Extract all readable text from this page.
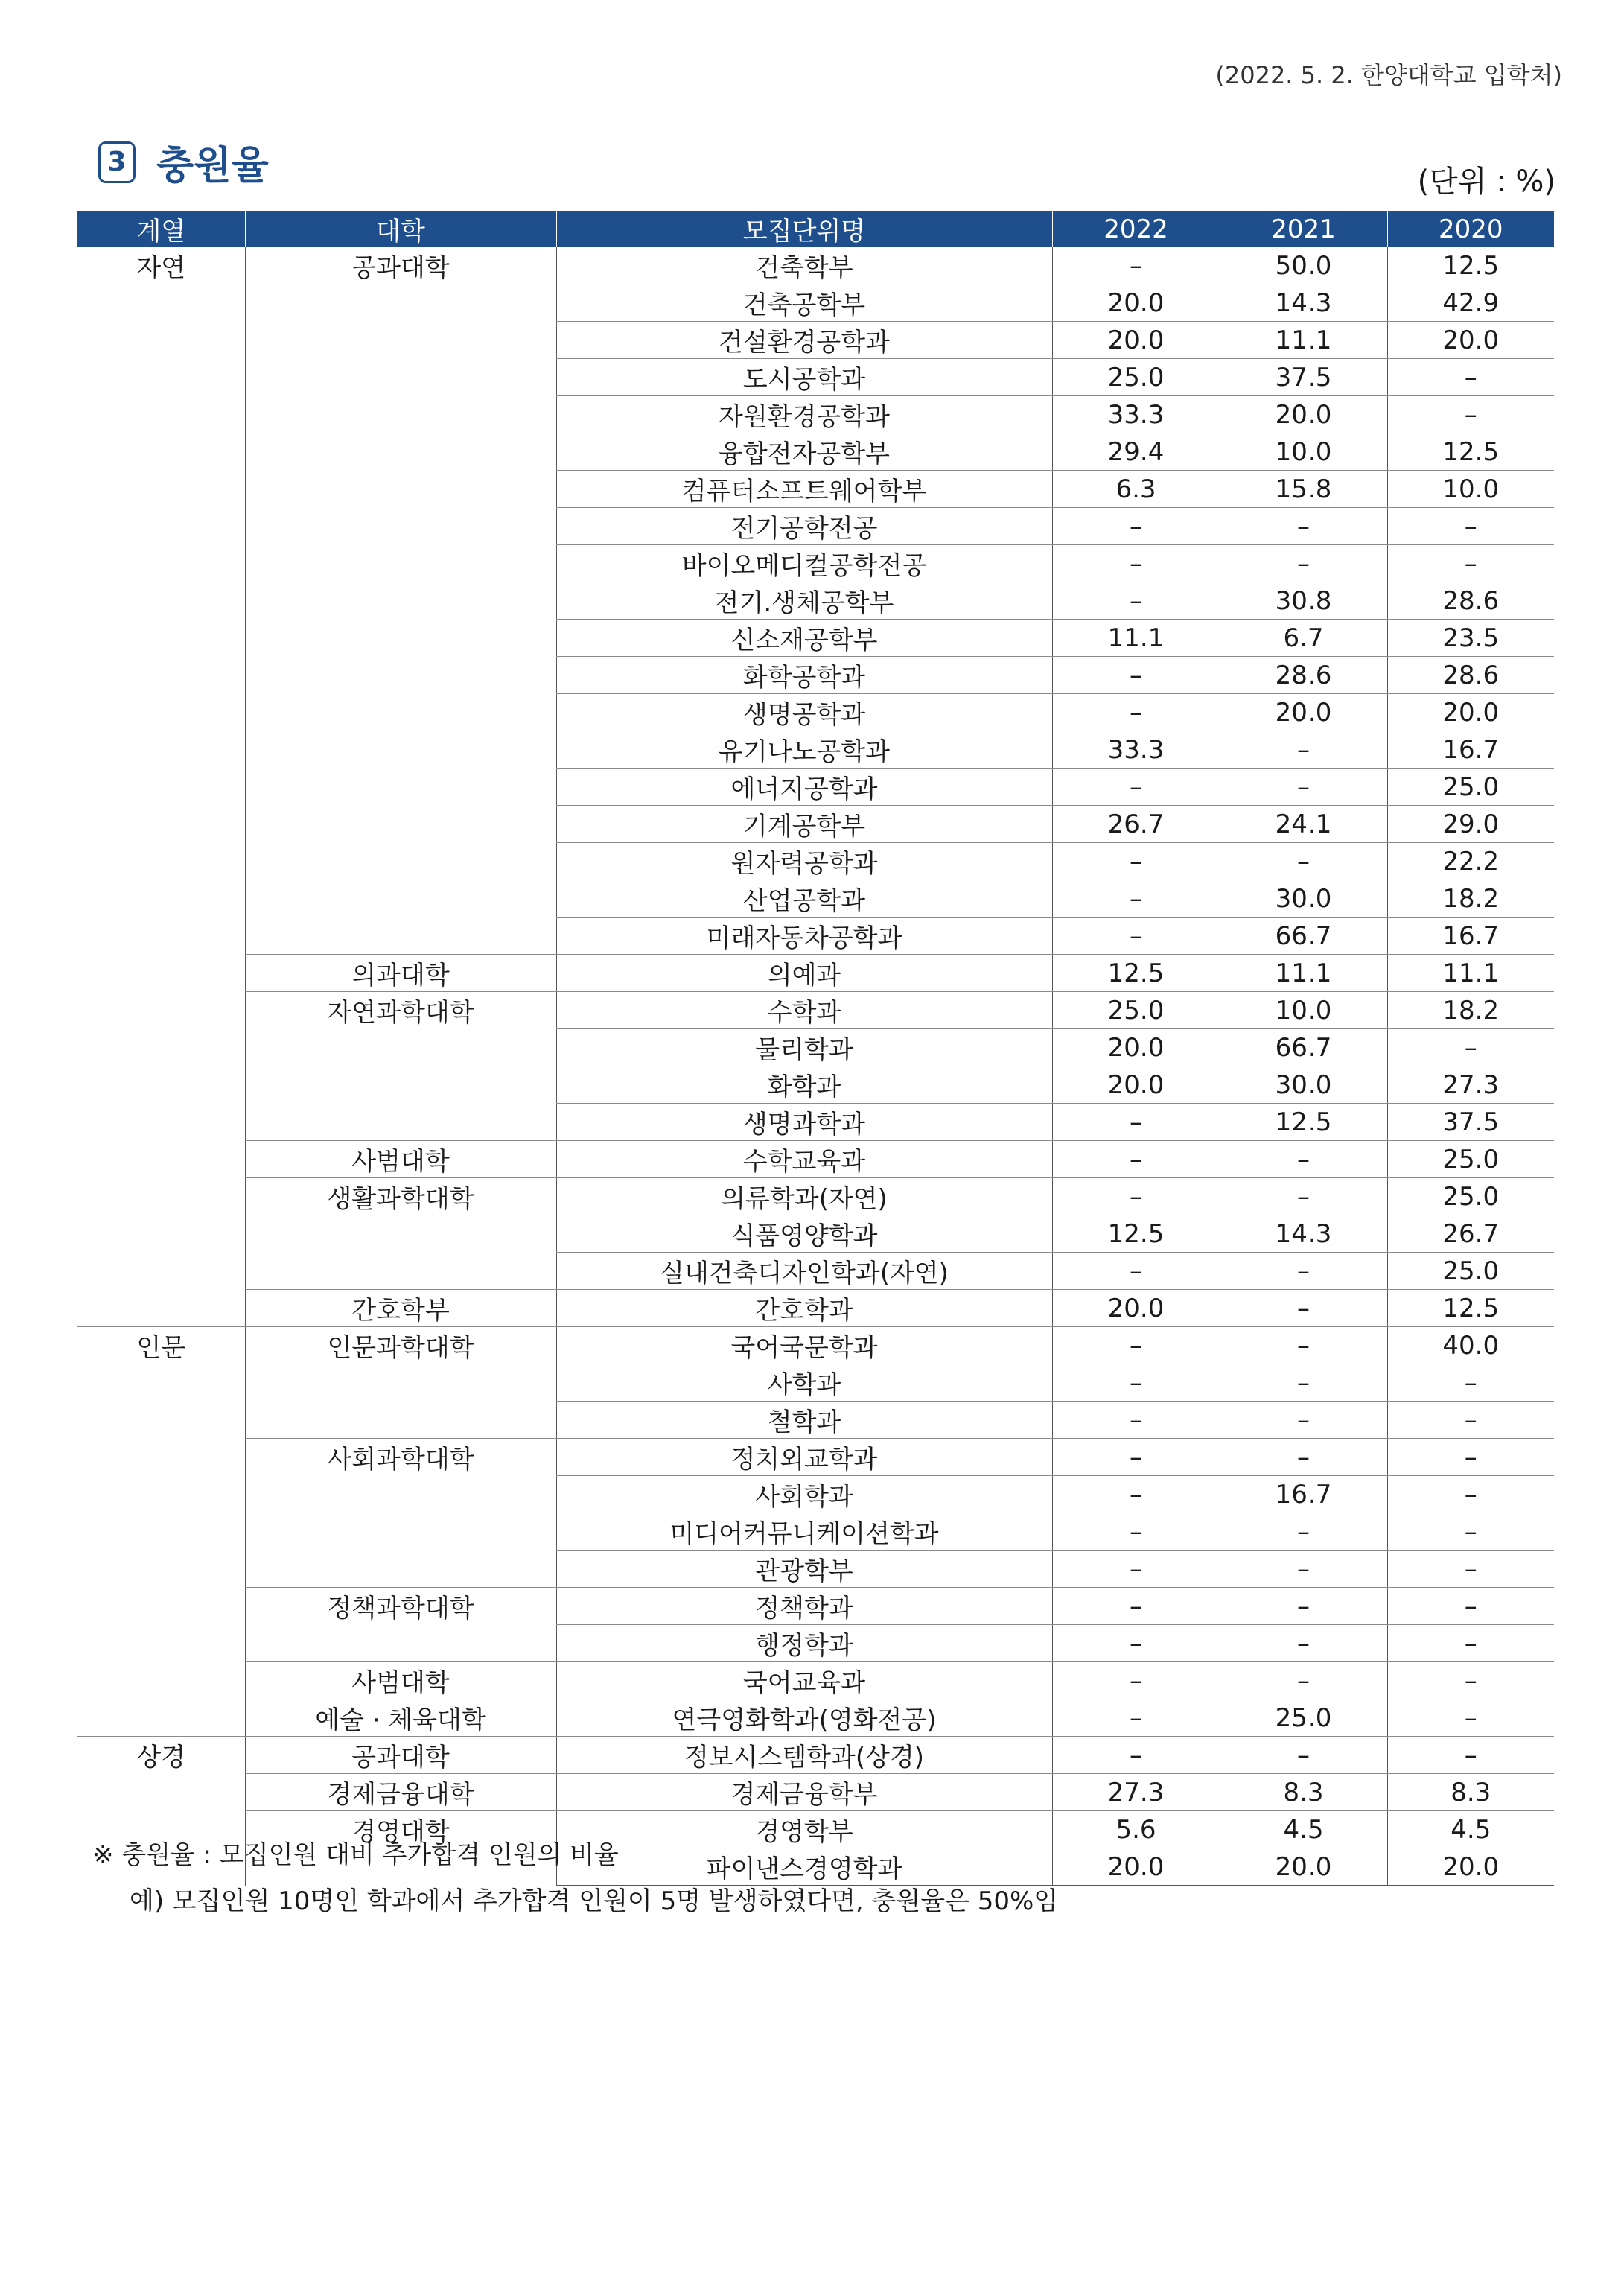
(2022. 5. 2. 한양대학교 입학처)
3 충원율	(단위 : %)
계열	대학	모집단위명	2022	2021	2020
자연	공과대학	건축학부	–	50.0	12.5
		건축공학부	20.0	14.3	42.9
		건설환경공학과	20.0	11.1	20.0
		도시공학과	25.0	37.5	–
		자원환경공학과	33.3	20.0	–
		융합전자공학부	29.4	10.0	12.5
		컴퓨터소프트웨어학부	6.3	15.8	10.0
		전기공학전공	–	–	–
		바이오메디컬공학전공	–	–	–
		전기.생체공학부	–	30.8	28.6
		신소재공학부	11.1	6.7	23.5
		화학공학과	–	28.6	28.6
		생명공학과	–	20.0	20.0
		유기나노공학과	33.3	–	16.7
		에너지공학과	–	–	25.0
		기계공학부	26.7	24.1	29.0
		원자력공학과	–	–	22.2
		산업공학과	–	30.0	18.2
		미래자동차공학과	–	66.7	16.7
	의과대학	의예과	12.5	11.1	11.1
	자연과학대학	수학과	25.0	10.0	18.2
		물리학과	20.0	66.7	–
		화학과	20.0	30.0	27.3
		생명과학과	–	12.5	37.5
	사범대학	수학교육과	–	–	25.0
	생활과학대학	의류학과(자연)	–	–	25.0
		식품영양학과	12.5	14.3	26.7
		실내건축디자인학과(자연)	–	–	25.0
	간호학부	간호학과	20.0	–	12.5
인문	인문과학대학	국어국문학과	–	–	40.0
		사학과	–	–	–
		철학과	–	–	–
	사회과학대학	정치외교학과	–	–	–
		사회학과	–	16.7	–
		미디어커뮤니케이션학과	–	–	–
		관광학부	–	–	–
	정책과학대학	정책학과	–	–	–
		행정학과	–	–	–
	사범대학	국어교육과	–	–	–
	예술 · 체육대학	연극영화학과(영화전공)	–	25.0	–
상경	공과대학	정보시스템학과(상경)	–	–	–
	경제금융대학	경제금융학부	27.3	8.3	8.3
	경영대학	경영학부	5.6	4.5	4.5
		파이낸스경영학과	20.0	20.0	20.0
※ 충원율 : 모집인원 대비 추가합격 인원의 비율
예) 모집인원 10명인 학과에서 추가합격 인원이 5명 발생하였다면, 충원율은 50%임
